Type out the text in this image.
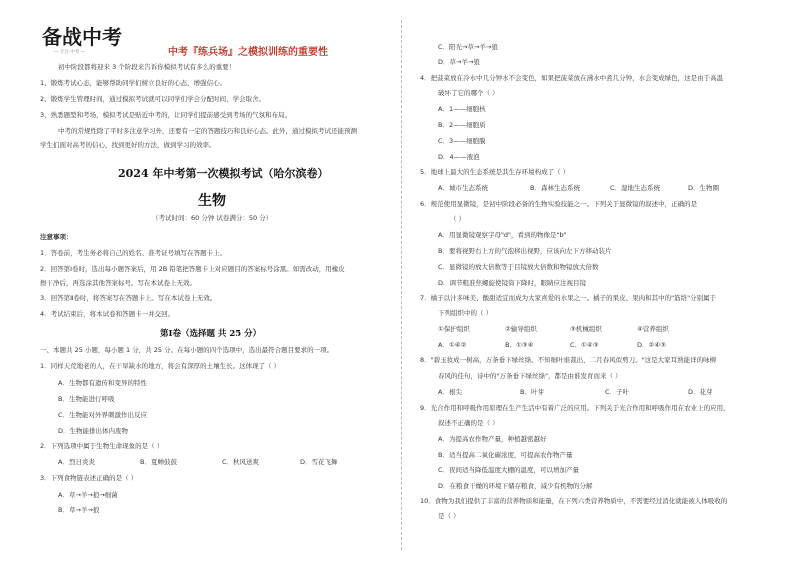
备战中考
— 专注·中考 —	中考『练兵场』之模拟训练的重要性
初中阶段都将迎来 3 个阶段来告诉你模拟考试有多么的重要！
1、锻炼考试心态，能够帮助同学们树立良好的心态，增强信心。
2、锻炼学生管理时间，通过模拟考试就可以同学们学会分配时间，学会取舍。
3、熟悉题型和考场，模拟考试是贴近中考的，让同学们提前感受到考场的气氛和布局。
中考的常规性除了平时多注意学习外，还要有一定的答题技巧和良好心态。此外，通过模拟考试还能预测
学生们面对高考的信心，找到更好的方法，做到学习的效率。
2024 年中考第一次模拟考试（哈尔滨卷）
生物
（考试时间：60 分钟 试卷满分：50 分）
注意事项：
1．答卷前，考生务必将自己的姓名、准考证号填写在答题卡上。
2．回答第Ⅰ卷时，选出每小题答案后，用 2B 铅笔把答题卡上对应题目的答案标号涂黑。如需改动，用橡皮
擦干净后，再选涂其他答案标号。写在本试卷上无效。
3．回答第Ⅱ卷时，将答案写在答题卡上。写在本试卷上无效。
4．考试结束后，将本试卷和答题卡一并交回。
第Ⅰ卷（选择题 共 25 分）
一、本题共 25 小题，每小题 1 分，共 25 分。在每小题的四个选项中，选出最符合题目要求的一项。
1．同样天荒地老的人，在干旱缺水的地方，将会有深厚的土壤生长。这体现了（ ）
A．生物都有遗传和变异的特性
B．生物能进行呼吸
C．生物能对外界刺激作出反应
D．生物能排出体内废物
2．下列选项中属于生物生命现象的是（ ）
A．烈日炎炎	B．夏蝉鼓鼓	C．秋风送爽	D．雪花飞舞
3．下列食物链表述正确的是（ ）
A．草→羊→狼→细菌
B．草→羊→狼
C．阳光→草→羊→狼
D．草→羊→狼
4．把菠菜放在冷水中几分钟水不会变色，如果把菠菜放在沸水中煮几分钟，水会变成绿色，这是由于高温
破坏了它的哪个（ ）
A．1——细胞核
B．2——细胞质
C．3——细胞膜
D．4——液泡
5．地球上最大的生态系统是其生存环境构成了（ ）
A．城市生态系统	B．森林生态系统	C．湿地生态系统	D．生物圈
6．规范使用显微镜，是初中阶段必备的生物实验技能之一。下列关于显微镜的叙述中，正确的是
（ ）
A．用显微镜观察字母"d"，看到的物像是"b"
B．要将视野右上方的气泡移出视野，应该向左下方移动装片
C．显微镜的放大倍数等于目镜放大倍数和物镜放大倍数
D．调节粗准焦螺旋使镜筒下降时，眼睛应注视目镜
7．橘子以汁多味美、酸甜适宜而成为大家喜爱的水果之一。橘子的果皮、果肉和其中的"筋络"分别属于
下列组织中的（ ）
①保护组织	②输导组织	③机械组织	④营养组织
A．①④②	B．①③④	C．①④③	D．②④③
8．"碧玉妆成一树高，万条垂下绿丝绦。不知细叶谁裁出，二月春风似剪刀。"这是大家耳熟能详的咏柳
春风的佳句，诗中的"万条垂下绿丝绦"，都是由谁发育而来（ ）
A．根尖	B．叶芽	C．子叶	D．花芽
9．光合作用和呼吸作用原理在生产生活中有着广泛的应用。下列关于光合作用和呼吸作用在农业上的应用，
叙述不正确的是（ ）
A．为提高农作物产量，种植越密越好
B．适当提高二氧化碳浓度，可提高农作物产量
C．夜间适当降低温度大棚的温度，可以增加产量
D．在粮食干燥的环境下储存粮食，减少有机物的分解
10．食物为我们提供了丰富的营养物质和能量，在下列六类营养物质中，不需要经过消化就能被人体吸收的
是（ ）
